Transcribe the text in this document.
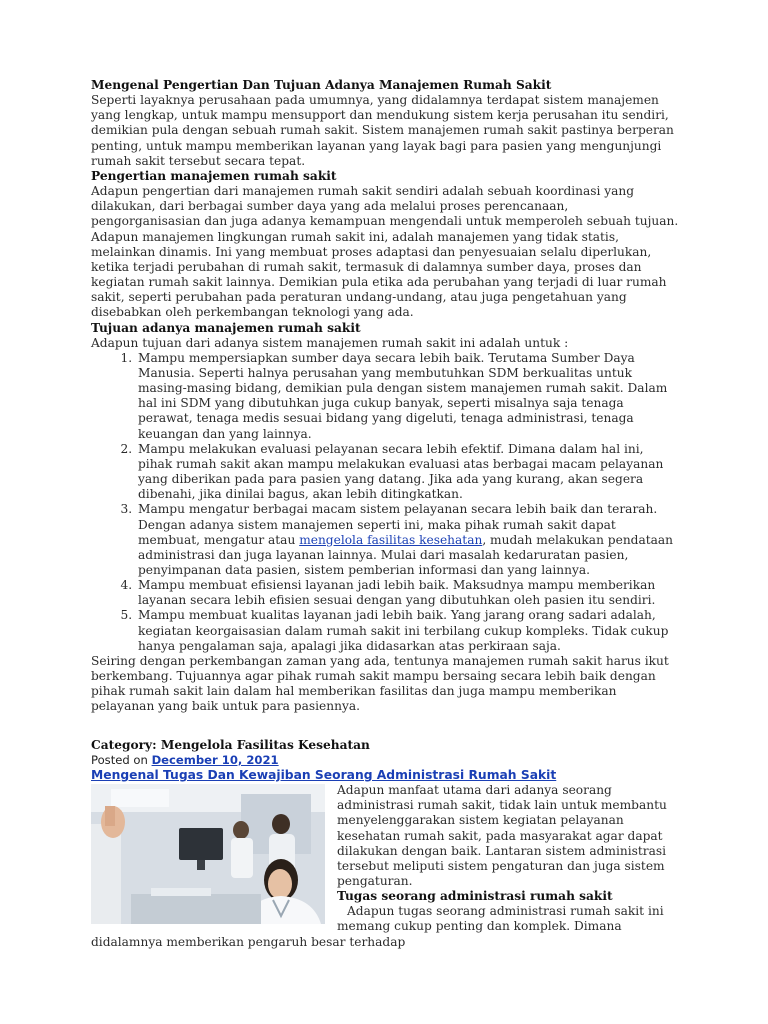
Mengenal Pengertian Dan Tujuan Adanya Manajemen Rumah Sakit

Seperti layaknya perusahaan pada umumnya, yang didalamnya terdapat sistem manajemen yang lengkap, untuk mampu mensupport dan mendukung sistem kerja perusahan itu sendiri, demikian pula dengan sebuah rumah sakit. Sistem manajemen rumah sakit pastinya berperan penting, untuk mampu memberikan layanan yang layak bagi para pasien yang mengunjungi rumah sakit tersebut secara tepat.

Pengertian manajemen rumah sakit

Adapun pengertian dari manajemen rumah sakit sendiri adalah sebuah koordinasi yang dilakukan, dari berbagai sumber daya yang ada melalui proses perencanaan, pengorganisasian dan juga adanya kemampuan mengendali untuk memperoleh sebuah tujuan.

Adapun manajemen lingkungan rumah sakit ini, adalah manajemen yang tidak statis, melainkan dinamis. Ini yang membuat proses adaptasi dan penyesuaian selalu diperlukan, ketika terjadi perubahan di rumah sakit, termasuk di dalamnya sumber daya, proses dan kegiatan rumah sakit lainnya. Demikian pula etika ada perubahan yang terjadi di luar rumah sakit, seperti perubahan pada peraturan undang-undang, atau juga pengetahuan yang disebabkan oleh perkembangan teknologi yang ada.

Tujuan adanya manajemen rumah sakit

Adapun tujuan dari adanya sistem manajemen rumah sakit ini adalah untuk :

1. Mampu mempersiapkan sumber daya secara lebih baik. Terutama Sumber Daya Manusia. Seperti halnya perusahan yang membutuhkan SDM berkualitas untuk masing-masing bidang, demikian pula dengan sistem manajemen rumah sakit. Dalam hal ini SDM yang dibutuhkan juga cukup banyak, seperti misalnya saja tenaga perawat, tenaga medis sesuai bidang yang digeluti, tenaga administrasi, tenaga keuangan dan yang lainnya.
2. Mampu melakukan evaluasi pelayanan secara lebih efektif. Dimana dalam hal ini, pihak rumah sakit akan mampu melakukan evaluasi atas berbagai macam pelayanan yang diberikan pada para pasien yang datang. Jika ada yang kurang, akan segera dibenahi, jika dinilai bagus, akan lebih ditingkatkan.
3. Mampu mengatur berbagai macam sistem pelayanan secara lebih baik dan terarah. Dengan adanya sistem manajemen seperti ini, maka pihak rumah sakit dapat membuat, mengatur atau mengelola fasilitas kesehatan, mudah melakukan pendataan administrasi dan juga layanan lainnya. Mulai dari masalah kedaruratan pasien, penyimpanan data pasien, sistem pemberian informasi dan yang lainnya.
4. Mampu membuat efisiensi layanan jadi lebih baik. Maksudnya mampu memberikan layanan secara lebih efisien sesuai dengan yang dibutuhkan oleh pasien itu sendiri.
5. Mampu membuat kualitas layanan jadi lebih baik. Yang jarang orang sadari adalah, kegiatan keorgaisasian dalam rumah sakit ini terbilang cukup kompleks. Tidak cukup hanya pengalaman saja, apalagi jika didasarkan atas perkiraan saja.

Seiring dengan perkembangan zaman yang ada, tentunya manajemen rumah sakit harus ikut berkembang. Tujuannya agar pihak rumah sakit mampu bersaing secara lebih baik dengan pihak rumah sakit lain dalam hal memberikan fasilitas dan juga mampu memberikan pelayanan yang baik untuk para pasiennya.

Category: Mengelola Fasilitas Kesehatan

Posted on December 10, 2021

Mengenal Tugas Dan Kewajiban Seorang Administrasi Rumah Sakit

Adapun manfaat utama dari adanya seorang administrasi rumah sakit, tidak lain untuk membantu menyelenggarakan sistem kegiatan pelayanan kesehatan rumah sakit, pada masyarakat agar dapat dilakukan dengan baik. Lantaran sistem administrasi tersebut meliputi sistem pengaturan dan juga sistem pengaturan.

Tugas seorang administrasi rumah sakit

Adapun tugas seorang administrasi rumah sakit ini memang cukup penting dan komplek. Dimana didalamnya memberikan pengaruh besar terhadap
